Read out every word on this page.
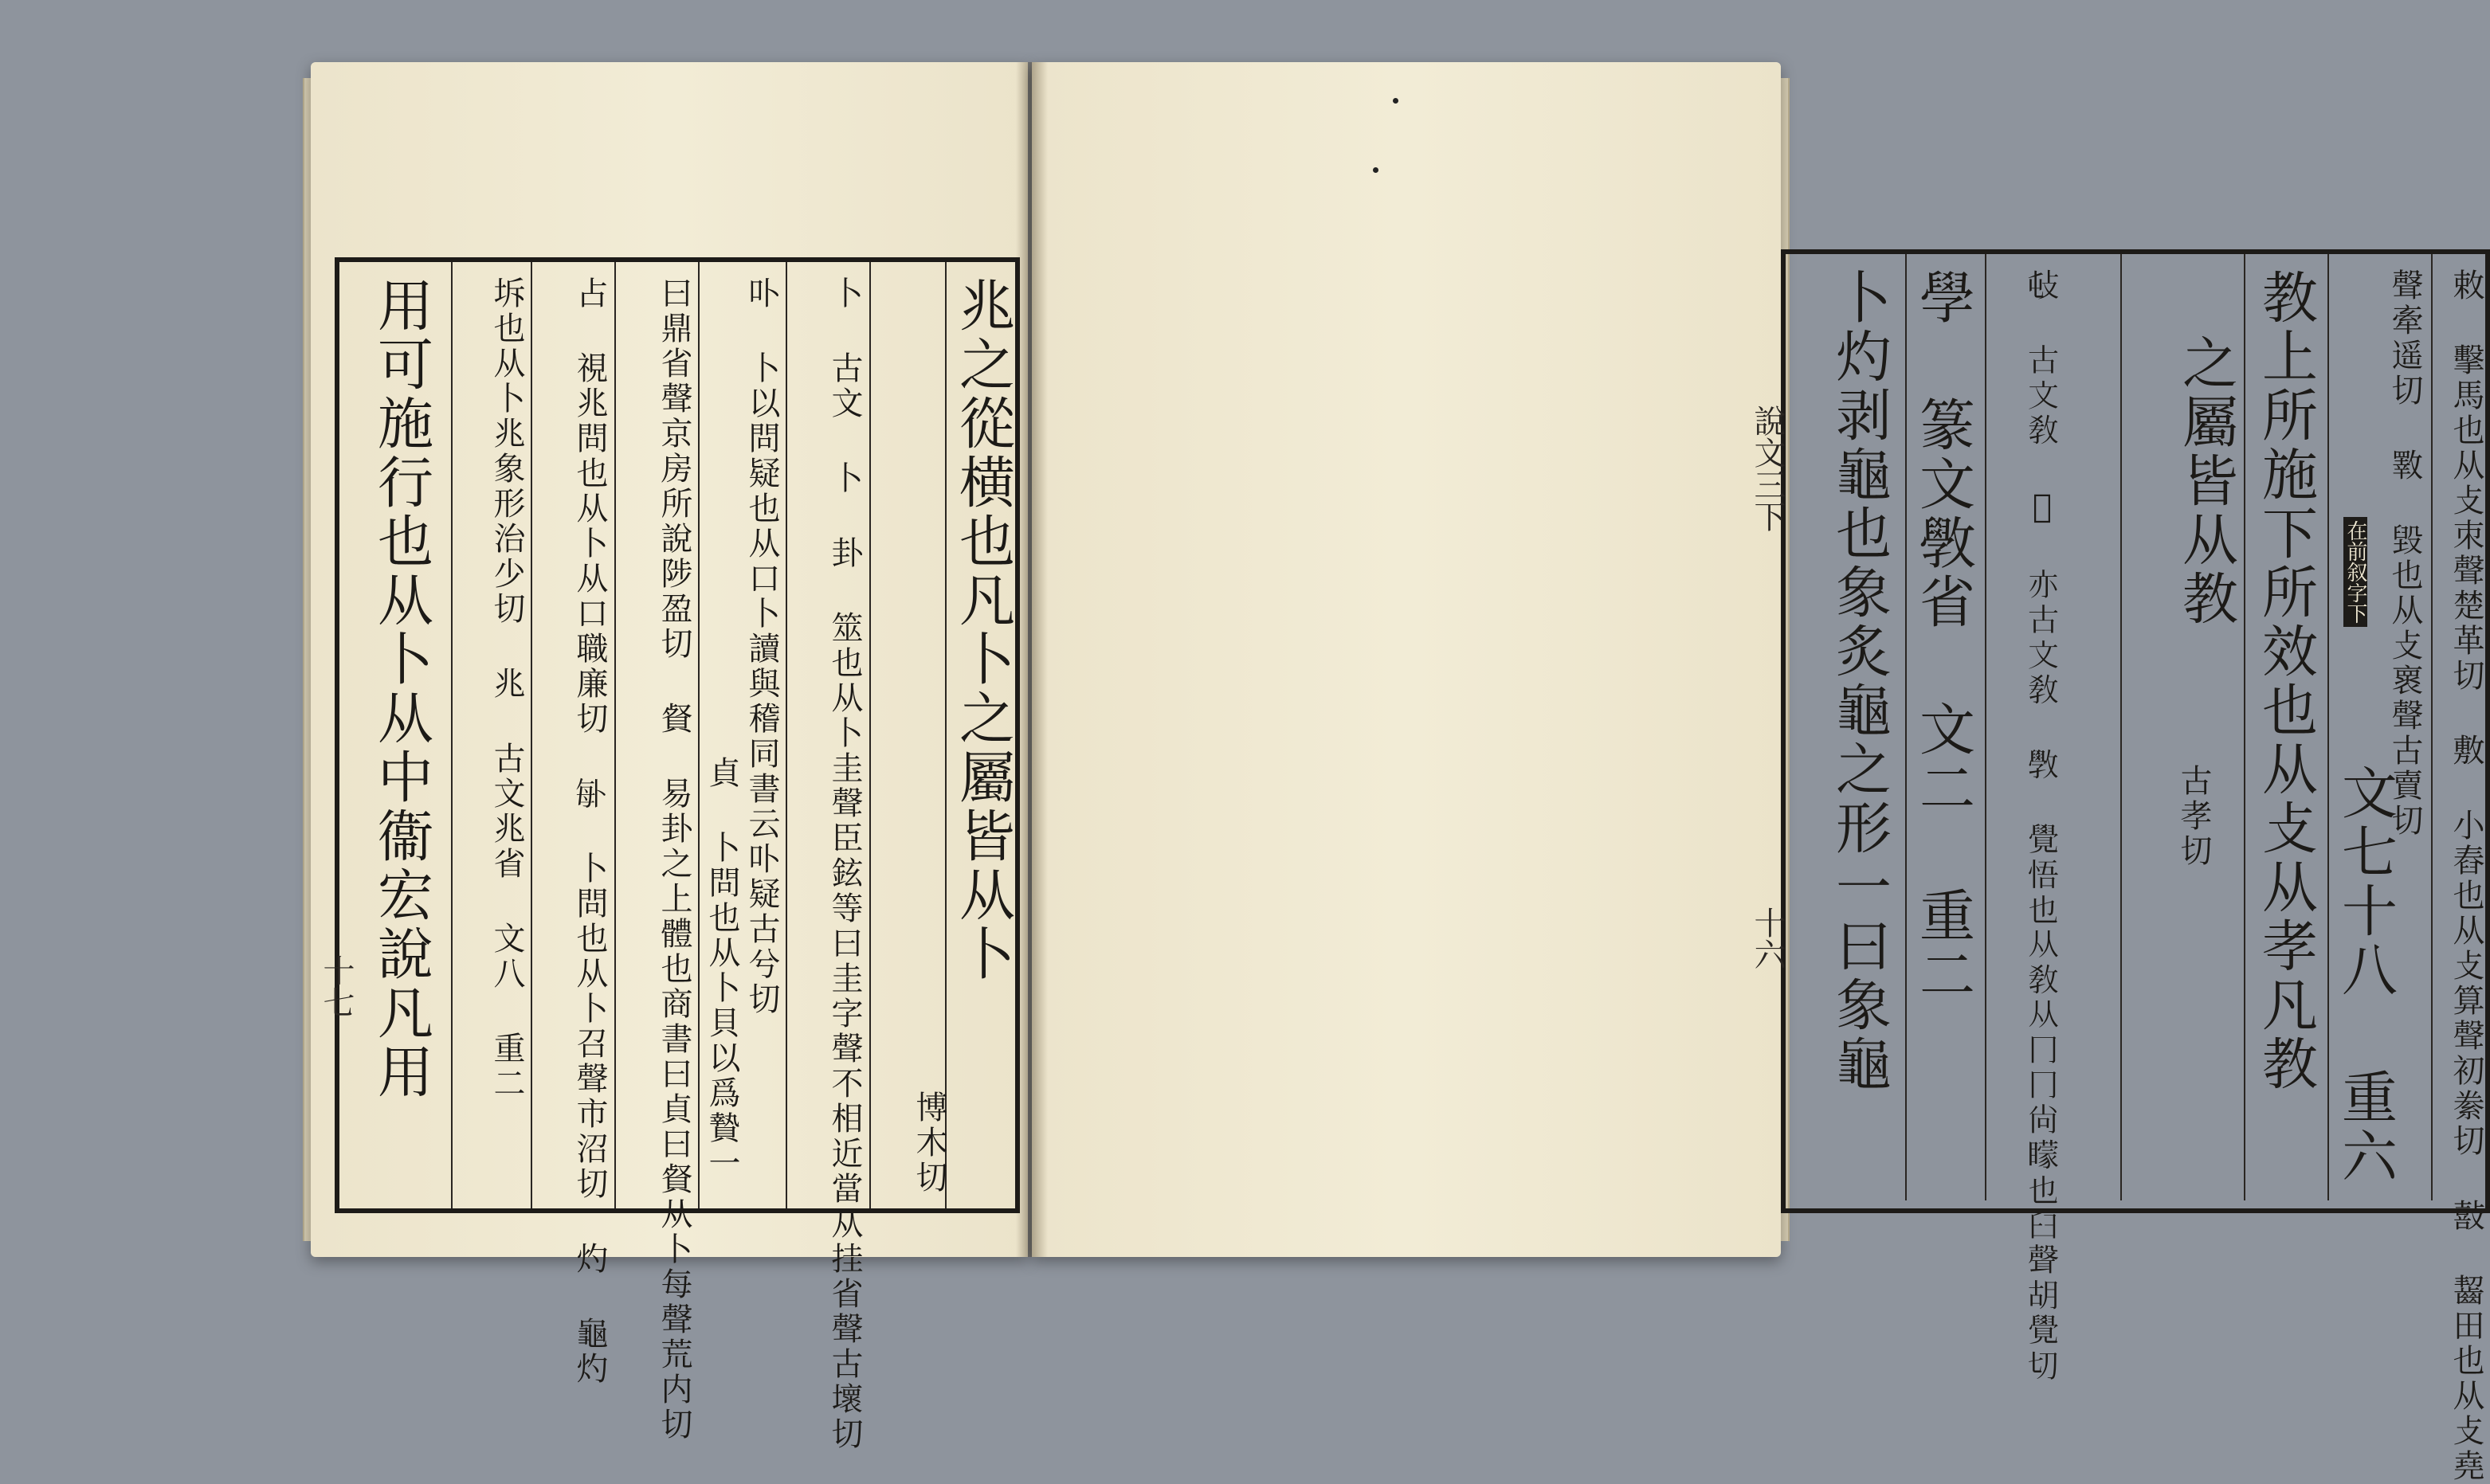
兆之從横也凡卜之屬皆从卜
博木切
卜 古文 卜 卦 筮也从卜圭聲臣鉉等曰圭字聲不相近當从挂省聲古壞切
卟 卜以問疑也从口卜讀與稽同書云卟疑古兮切
貞 卜問也从卜貝以爲贄一
曰鼎省聲京房所說陟盈切 䝳 易卦之上體也商書曰貞曰䝳从卜每聲荒内切
占 視兆問也从卜从口職廉切 𠧩 卜問也从卜召聲市沼切 灼 龜灼
坼也从卜兆象形治少切 兆 古文兆省 文八 重二
用可施行也从卜从中衞宏說凡用
十七	敕 擊馬也从攴朿聲楚革切 敷 小舂也从攴算聲初絭切 敼 齧田也从攴堯
聲牽遥切 斁 毀也从攴褱聲古賣切
在前叙字下
文七十八 重六
教上所施下所效也从攴从孝凡教
之屬皆从教
古孝切
𢻴 古文教 𢽈 亦古文教 斆 覺悟也从教从冂冂尚矇也臼聲胡覺切
學 篆文斆省 文二 重二
卜灼剥龜也象炙龜之形一曰象龜
說文三下
十六
